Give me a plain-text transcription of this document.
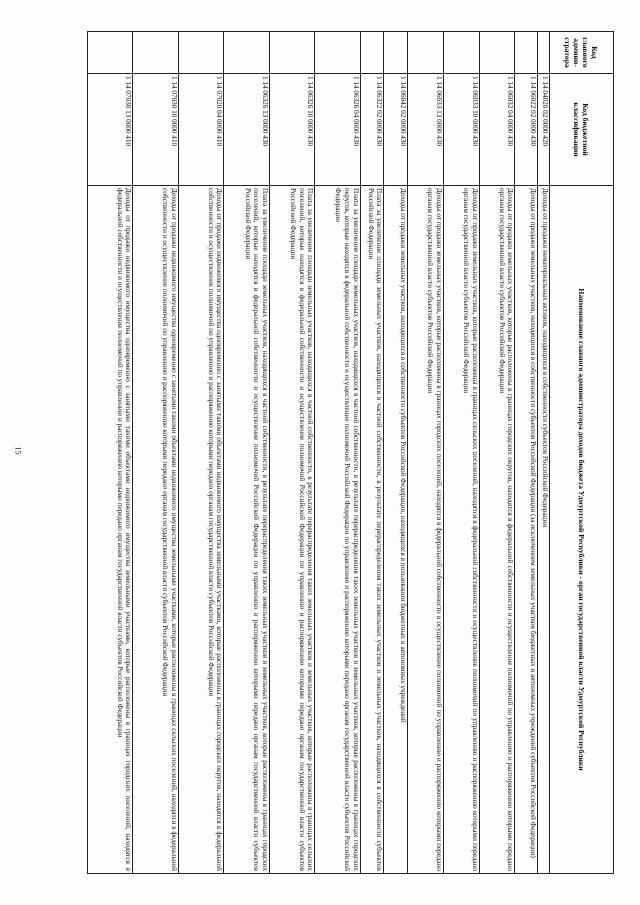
15
Код главного админи-стратора	Код бюджетной классификации	Наименование главного администратора доходов бюджета Удмуртской Республики - орган государственной власти Удмуртской Республики
	1 14 04020 02 0000 420	Доходы от продажи нематериальных активов, находящихся в собственности субъектов Российской Федерации
	1 14 06022 02 0000 430	Доходы от продажи земельных участков, находящихся в собственности субъектов Российской Федерации (за исключением земельных участков бюджетных и автономных учреждений субъектов Российской Федерации)
	1 14 06032 04 0000 430	Доходы от продажи земельных участков, которые расположены в границах городских округов, находятся в федеральной собственности и осуществление полномочий по управлению и распоряжению которыми передано органам государственной власти субъектов Российской Федерации
	1 14 06033 10 0000 430	Доходы от продажи земельных участков, которые расположены в границах сельских поселений, находятся в федеральной собственности и осуществление полномочий по управлению и распоряжению которыми передано органам государственной власти субъектов Российской Федерации
	1 14 06033 13 0000 430	Доходы от продажи земельных участков, которые расположены в границах городских поселений, находятся в федеральной собственности и осуществление полномочий по управлению и распоряжению которыми передано органам государственной власти субъектов Российской Федерации
	1 14 06042 02 0000 430	Доходы от продажи земельных участков, находящихся в собственности субъектов Российской Федерации, находящихся в пользовании бюджетных и автономных учреждений
	1 14 06322 02 0000 430	Плата за увеличение площади земельных участков, находящихся в частной собственности, в результате перераспределения таких земельных участков и земельных участков, находящихся в собственности субъектов Российской Федерации
	1 14 06326 04 0000 430	Плата за увеличение площади земельных участков, находящихся в частной собственности, в результате перераспределения таких земельных участков и земельных участков, которые расположены в границах городских округов, которые находятся в федеральной собственности и осуществление полномочий Российской Федерации по управлению и распоряжению которыми передано органам государственной власти субъектов Российской Федерации
	1 14 06326 10 0000 430	Плата за увеличение площади земельных участков, находящихся в частной собственности, в результате перераспределения таких земельных участков и земельных участков, которые расположены в границах сельских поселений, которые находятся в федеральной собственности и осуществление полномочий Российской Федерации по управлению и распоряжению которыми передано органам государственной власти субъектов Российской Федерации
	1 14 06326 13 0000 430	Плата за увеличение площади земельных участков, находящихся в частной собственности, в результате перераспределения таких земельных участков и земельных участков, которые расположены в границах городских поселений, которые находятся в федеральной собственности и осуществление полномочий Российской Федерации по управлению и распоряжению которыми передано органам государственной власти субъектов Российской Федерации
	1 14 07020 04 0000 410	Доходы от продажи недвижимого имущества одновременно с занятыми такими объектами недвижимого имущества земельными участками, которые расположены в границах городских округов, находятся в федеральной собственности и осуществление полномочий по управлению и распоряжению которыми передано органам государственной власти субъектов Российской Федерации
	1 14 07030 10 0000 410	Доходы от продажи недвижимого имущества одновременно с занятыми такими объектами недвижимого имущества земельными участками, которые расположены в границах сельских поселений, находятся в федеральной собственности и осуществление полномочий по управлению и распоряжению которыми передано органам государственной власти субъектов Российской Федерации
	1 14 07030 13 0000 410	Доходы от продажи недвижимого имущества одновременно с занятыми такими объектами недвижимого имущества земельными участками, которые расположены в границах городских поселений, находятся в федеральной собственности и осуществление полномочий по управлению и распоряжению которыми передано органам государственной власти субъектов Российской Федерации
